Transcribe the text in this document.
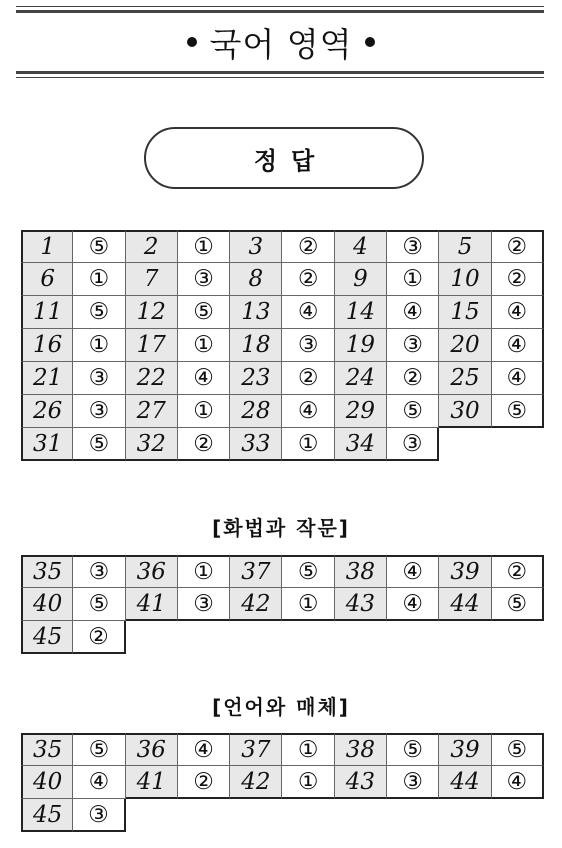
국어 영역
정답
1	⑤	2	①	3	②	4	③	5	②
6	①	7	③	8	②	9	①	10	②
11	⑤	12	⑤	13	④	14	④	15	④
16	①	17	①	18	③	19	③	20	④
21	③	22	④	23	②	24	②	25	④
26	③	27	①	28	④	29	⑤	30	⑤
31	⑤	32	②	33	①	34	③
[화법과 작문]
35	③	36	①	37	⑤	38	④	39	②
40	⑤	41	③	42	①	43	④	44	⑤
45	②
[언어와 매체]
35	⑤	36	④	37	①	38	⑤	39	⑤
40	④	41	②	42	①	43	③	44	④
45	③
